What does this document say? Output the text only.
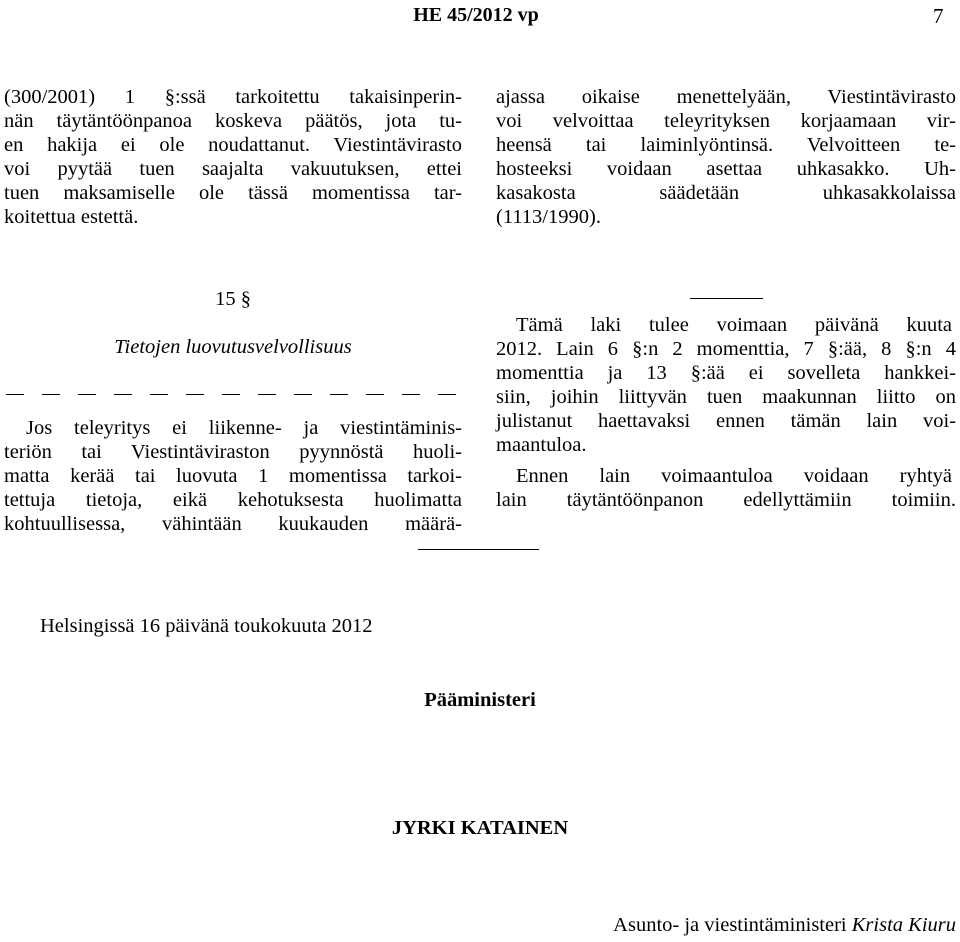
HE 45/2012 vp	7
(300/2001) 1 §:ssä tarkoitettu takaisinperin-
nän täytäntöönpanoa koskeva päätös, jota tu-
en hakija ei ole noudattanut. Viestintävirasto
voi pyytää tuen saajalta vakuutuksen, ettei
tuen maksamiselle ole tässä momentissa tar-
koitettua estettä.
ajassa oikaise menettelyään, Viestintävirasto
voi velvoittaa teleyrityksen korjaamaan vir-
heensä tai laiminlyöntinsä. Velvoitteen te-
hosteeksi voidaan asettaa uhkasakko. Uh-
kasakosta säädetään uhkasakkolaissa
(1113/1990).
15 §
Tietojen luovutusvelvollisuus
Jos teleyritys ei liikenne- ja viestintäminis-
teriön tai Viestintäviraston pyynnöstä huoli-
matta kerää tai luovuta 1 momentissa tarkoi-
tettuja tietoja, eikä kehotuksesta huolimatta
kohtuullisessa, vähintään kuukauden määrä-
Tämä laki tulee voimaan päivänä kuuta
2012. Lain 6 §:n 2 momenttia, 7 §:ää, 8 §:n 4
momenttia ja 13 §:ää ei sovelleta hankkei-
siin, joihin liittyvän tuen maakunnan liitto on
julistanut haettavaksi ennen tämän lain voi-
maantuloa.
Ennen lain voimaantuloa voidaan ryhtyä
lain täytäntöönpanon edellyttämiin toimiin.
Helsingissä 16 päivänä toukokuuta 2012
Pääministeri
JYRKI KATAINEN
Asunto- ja viestintäministeri Krista Kiuru
